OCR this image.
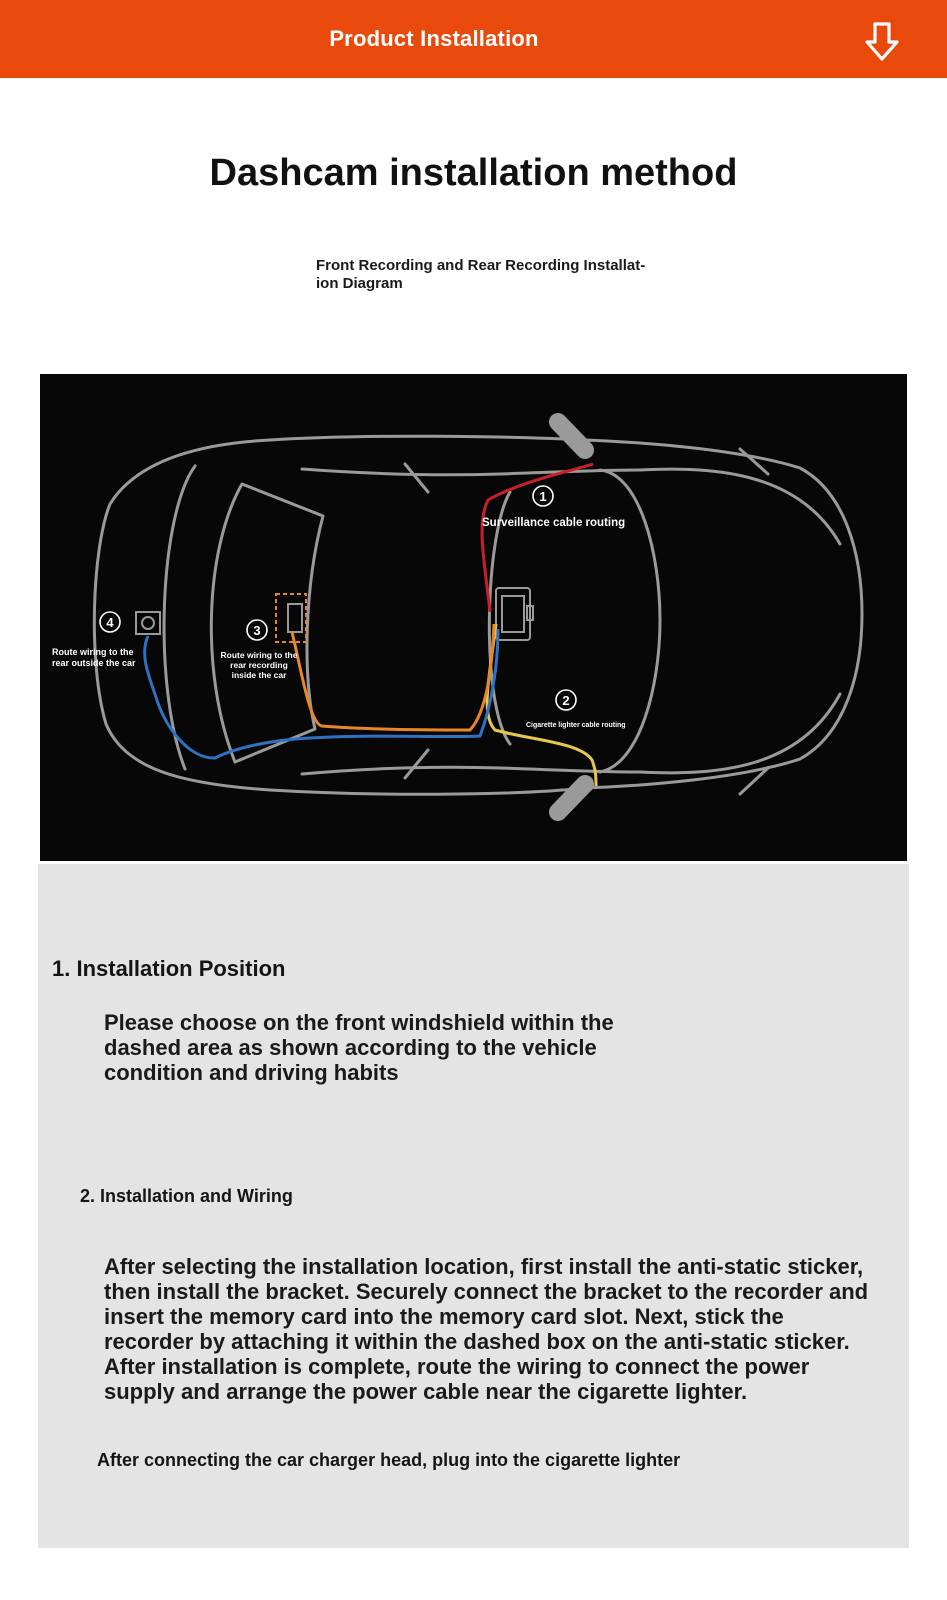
Product Installation
Dashcam installation method
Front Recording and Rear Recording Installat-
ion Diagram
1
Surveillance cable routing
2
Cigarette lighter cable routing
3
Route wiring to the
rear recording
inside the car
4
Route wiring to the
rear outside the car
1. Installation Position
Please choose on the front windshield within the dashed area as shown according to the vehicle condition and driving habits
2. Installation and Wiring
After selecting the installation location, first install the anti-static sticker, then install the bracket. Securely connect the bracket to the recorder and insert the memory card into the memory card slot. Next, stick the recorder by attaching it within the dashed box on the anti-static sticker. After installation is complete, route the wiring to connect the power supply and arrange the power cable near the cigarette lighter.
After connecting the car charger head, plug into the cigarette lighter
